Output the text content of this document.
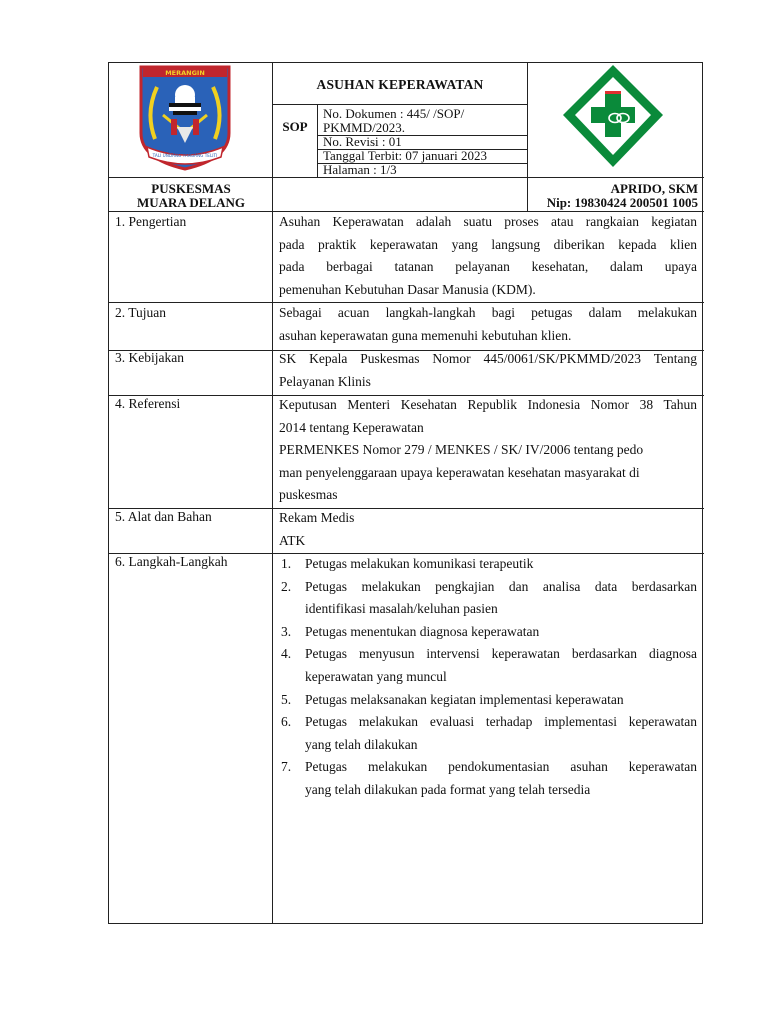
MERANGIN
TALI UNDANG TAMBANG TELITI
ASUHAN KEPERAWATAN
SOP
No. Dokumen : 445/ /SOP/
PKMMD/2023.
No. Revisi : 01
Tanggal Terbit: 07 januari 2023
Halaman : 1/3
PUSKESMAS
MUARA DELANG
APRIDO, SKM
Nip: 19830424 200501 1005
1. Pengertian
2. Tujuan
3. Kebijakan
4. Referensi
5. Alat dan Bahan
6. Langkah-Langkah
Asuhan Keperawatan adalah suatu proses atau rangkaian kegiatan
pada praktik keperawatan yang langsung diberikan kepada klien
pada berbagai tatanan pelayanan kesehatan, dalam upaya
pemenuhan Kebutuhan Dasar Manusia (KDM).
Sebagai acuan langkah-langkah bagi petugas dalam melakukan
asuhan keperawatan guna memenuhi kebutuhan klien.
SK Kepala Puskesmas Nomor 445/0061/SK/PKMMD/2023 Tentang
Pelayanan Klinis
Keputusan Menteri Kesehatan Republik Indonesia Nomor 38 Tahun
2014 tentang Keperawatan
PERMENKES Nomor 279 / MENKES / SK/ IV/2006 tentang pedo
man penyelenggaraan upaya keperawatan kesehatan masyarakat di
puskesmas
Rekam Medis
ATK
1. Petugas melakukan komunikasi terapeutik
2. Petugas melakukan pengkajian dan analisa data berdasarkan
identifikasi masalah/keluhan pasien
3. Petugas menentukan diagnosa keperawatan
4. Petugas menyusun intervensi keperawatan berdasarkan diagnosa
keperawatan yang muncul
5. Petugas melaksanakan kegiatan implementasi keperawatan
6. Petugas melakukan evaluasi terhadap implementasi keperawatan
yang telah dilakukan
7. Petugas melakukan pendokumentasian asuhan keperawatan
yang telah dilakukan pada format yang telah tersedia
